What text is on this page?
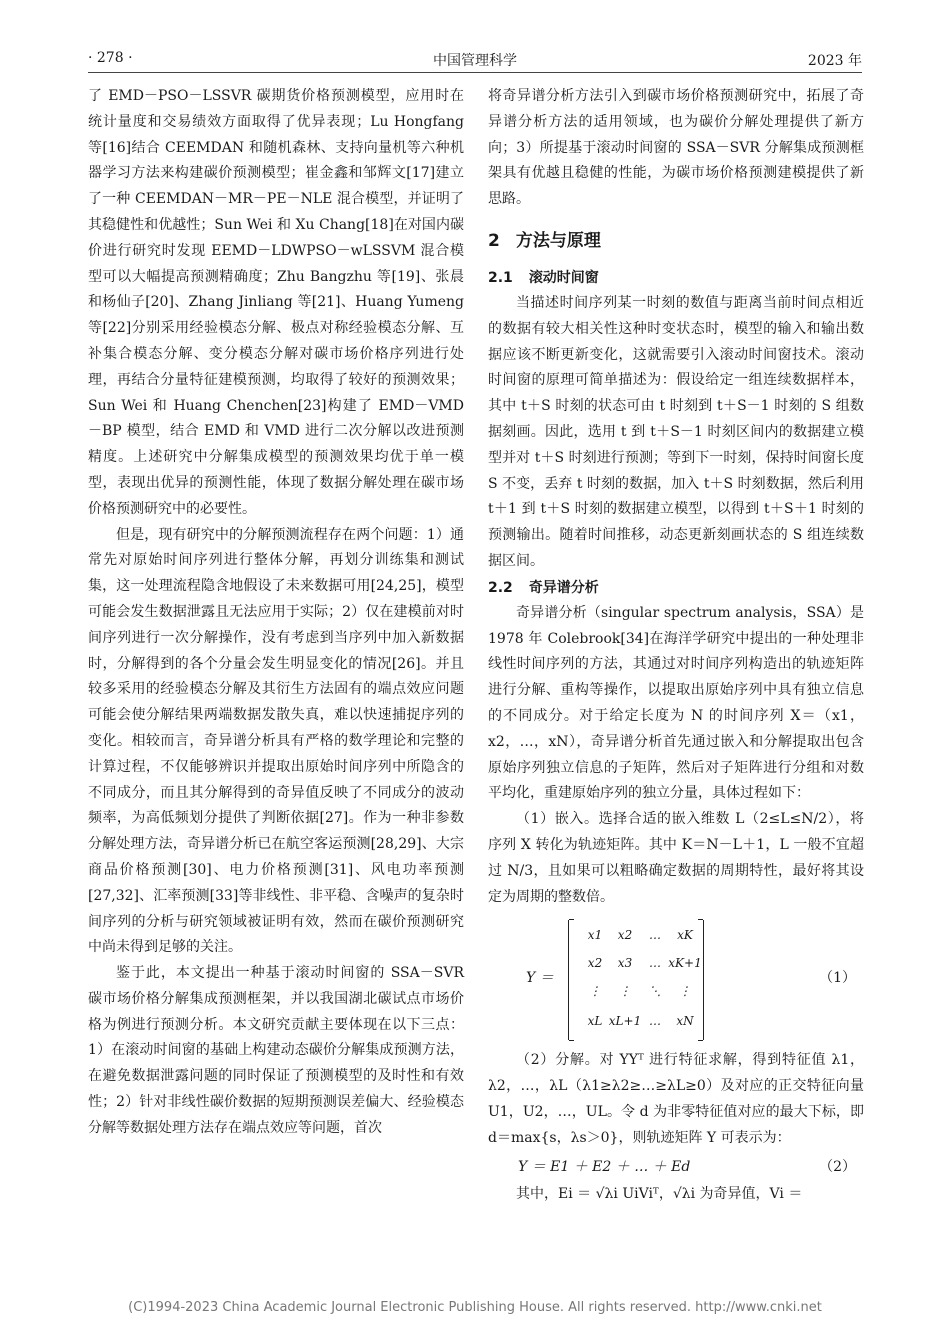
· 278 ·	中国管理科学	2023 年

了 EMD－PSO－LSSVR 碳期货价格预测模型，应用时在统计量度和交易绩效方面取得了优异表现；Lu Hongfang 等[16]结合 CEEMDAN 和随机森林、支持向量机等六种机器学习方法来构建碳价预测模型；崔金鑫和邹辉文[17]建立了一种 CEEMDAN－MR－PE－NLE 混合模型，并证明了其稳健性和优越性；Sun Wei 和 Xu Chang[18]在对国内碳价进行研究时发现 EEMD－LDWPSO－wLSSVM 混合模型可以大幅提高预测精确度；Zhu Bangzhu 等[19]、张晨和杨仙子[20]、Zhang Jinliang 等[21]、Huang Yumeng 等[22]分别采用经验模态分解、极点对称经验模态分解、互补集合模态分解、变分模态分解对碳市场价格序列进行处理，再结合分量特征建模预测，均取得了较好的预测效果；Sun Wei 和 Huang Chenchen[23]构建了 EMD－VMD－BP 模型，结合 EMD 和 VMD 进行二次分解以改进预测精度。上述研究中分解集成模型的预测效果均优于单一模型，表现出优异的预测性能，体现了数据分解处理在碳市场价格预测研究中的必要性。

但是，现有研究中的分解预测流程存在两个问题：1）通常先对原始时间序列进行整体分解，再划分训练集和测试集，这一处理流程隐含地假设了未来数据可用[24,25]，模型可能会发生数据泄露且无法应用于实际；2）仅在建模前对时间序列进行一次分解操作，没有考虑到当序列中加入新数据时，分解得到的各个分量会发生明显变化的情况[26]。并且较多采用的经验模态分解及其衍生方法固有的端点效应问题可能会使分解结果两端数据发散失真，难以快速捕捉序列的变化。相较而言，奇异谱分析具有严格的数学理论和完整的计算过程，不仅能够辨识并提取出原始时间序列中所隐含的不同成分，而且其分解得到的奇异值反映了不同成分的波动频率，为高低频划分提供了判断依据[27]。作为一种非参数分解处理方法，奇异谱分析已在航空客运预测[28,29]、大宗商品价格预测[30]、电力价格预测[31]、风电功率预测[27,32]、汇率预测[33]等非线性、非平稳、含噪声的复杂时间序列的分析与研究领域被证明有效，然而在碳价预测研究中尚未得到足够的关注。

鉴于此，本文提出一种基于滚动时间窗的 SSA－SVR 碳市场价格分解集成预测框架，并以我国湖北碳试点市场价格为例进行预测分析。本文研究贡献主要体现在以下三点：1）在滚动时间窗的基础上构建动态碳价分解集成预测方法，在避免数据泄露问题的同时保证了预测模型的及时性和有效性；2）针对非线性碳价数据的短期预测误差偏大、经验模态分解等数据处理方法存在端点效应等问题，首次

将奇异谱分析方法引入到碳市场价格预测研究中，拓展了奇异谱分析方法的适用领域，也为碳价分解处理提供了新方向；3）所提基于滚动时间窗的 SSA－SVR 分解集成预测框架具有优越且稳健的性能，为碳市场价格预测建模提供了新思路。

2 方法与原理
2.1 滚动时间窗

当描述时间序列某一时刻的数值与距离当前时间点相近的数据有较大相关性这种时变状态时，模型的输入和输出数据应该不断更新变化，这就需要引入滚动时间窗技术。滚动时间窗的原理可简单描述为：假设给定一组连续数据样本，其中 t＋S 时刻的状态可由 t 时刻到 t＋S－1 时刻的 S 组数据刻画。因此，选用 t 到 t＋S－1 时刻区间内的数据建立模型并对 t＋S 时刻进行预测；等到下一时刻，保持时间窗长度 S 不变，丢弃 t 时刻的数据，加入 t＋S 时刻数据，然后利用 t＋1 到 t＋S 时刻的数据建立模型，以得到 t＋S＋1 时刻的预测输出。随着时间推移，动态更新刻画状态的 S 组连续数据区间。

2.2 奇异谱分析

奇异谱分析（singular spectrum analysis，SSA）是 1978 年 Colebrook[34]在海洋学研究中提出的一种处理非线性时间序列的方法，其通过对时间序列构造出的轨迹矩阵进行分解、重构等操作，以提取出原始序列中具有独立信息的不同成分。对于给定长度为 N 的时间序列 X＝（x1，x2，…，xN），奇异谱分析首先通过嵌入和分解提取出包含原始序列独立信息的子矩阵，然后对子矩阵进行分组和对数平均化，重建原始序列的独立分量，具体过程如下：

（1）嵌入。选择合适的嵌入维数 L（2≤L≤N/2），将序列 X 转化为轨迹矩阵。其中 K＝N－L＋1，L 一般不宜超过 N/3，且如果可以粗略确定数据的周期特性，最好将其设定为周期的整数倍。

Y ＝
x1	x2	…	xK
x2	x3	… xK+1
⋮	⋮	⋱	⋮
xL xL+1 …	xN
（1）

（2）分解。对 YYᵀ 进行特征求解，得到特征值 λ1，λ2，…，λL（λ1≥λ2≥…≥λL≥0）及对应的正交特征向量 U1，U2，…，UL。令 d 为非零特征值对应的最大下标，即 d＝max{s，λs＞0}，则轨迹矩阵 Y 可表示为：

Y ＝ E1 ＋ E2 ＋ … ＋ Ed	（2）

其中，Ei ＝ √λi UiViᵀ，√λi 为奇异值，Vi ＝

(C)1994-2023 China Academic Journal Electronic Publishing House. All rights reserved. http://www.cnki.net
